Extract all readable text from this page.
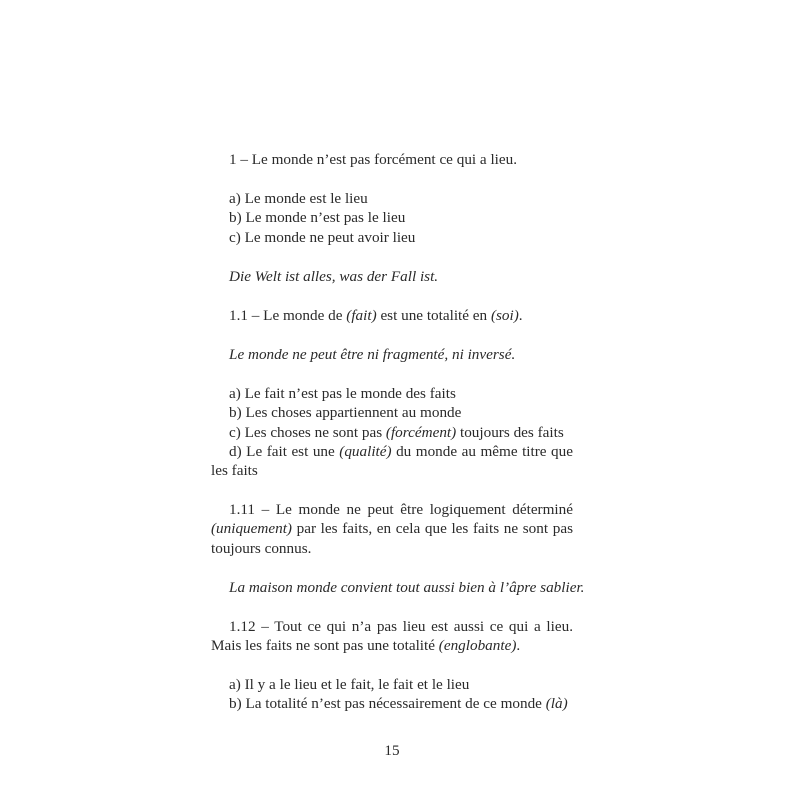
1 – Le monde n’est pas forcément ce qui a lieu.
a) Le monde est le lieu
b) Le monde n’est pas le lieu
c) Le monde ne peut avoir lieu
Die Welt ist alles, was der Fall ist.
1.1 – Le monde de (fait) est une totalité en (soi).
Le monde ne peut être ni fragmenté, ni inversé.
a) Le fait n’est pas le monde des faits
b) Les choses appartiennent au monde
c) Les choses ne sont pas (forcément) toujours des faits
d) Le fait est une (qualité) du monde au même titre que
les faits
1.11 – Le monde ne peut être logiquement déterminé
(uniquement) par les faits, en cela que les faits ne sont pas
toujours connus.
La maison monde convient tout aussi bien à l’âpre sablier.
1.12 – Tout ce qui n’a pas lieu est aussi ce qui a lieu.
Mais les faits ne sont pas une totalité (englobante).
a) Il y a le lieu et le fait, le fait et le lieu
b) La totalité n’est pas nécessairement de ce monde (là)
15
